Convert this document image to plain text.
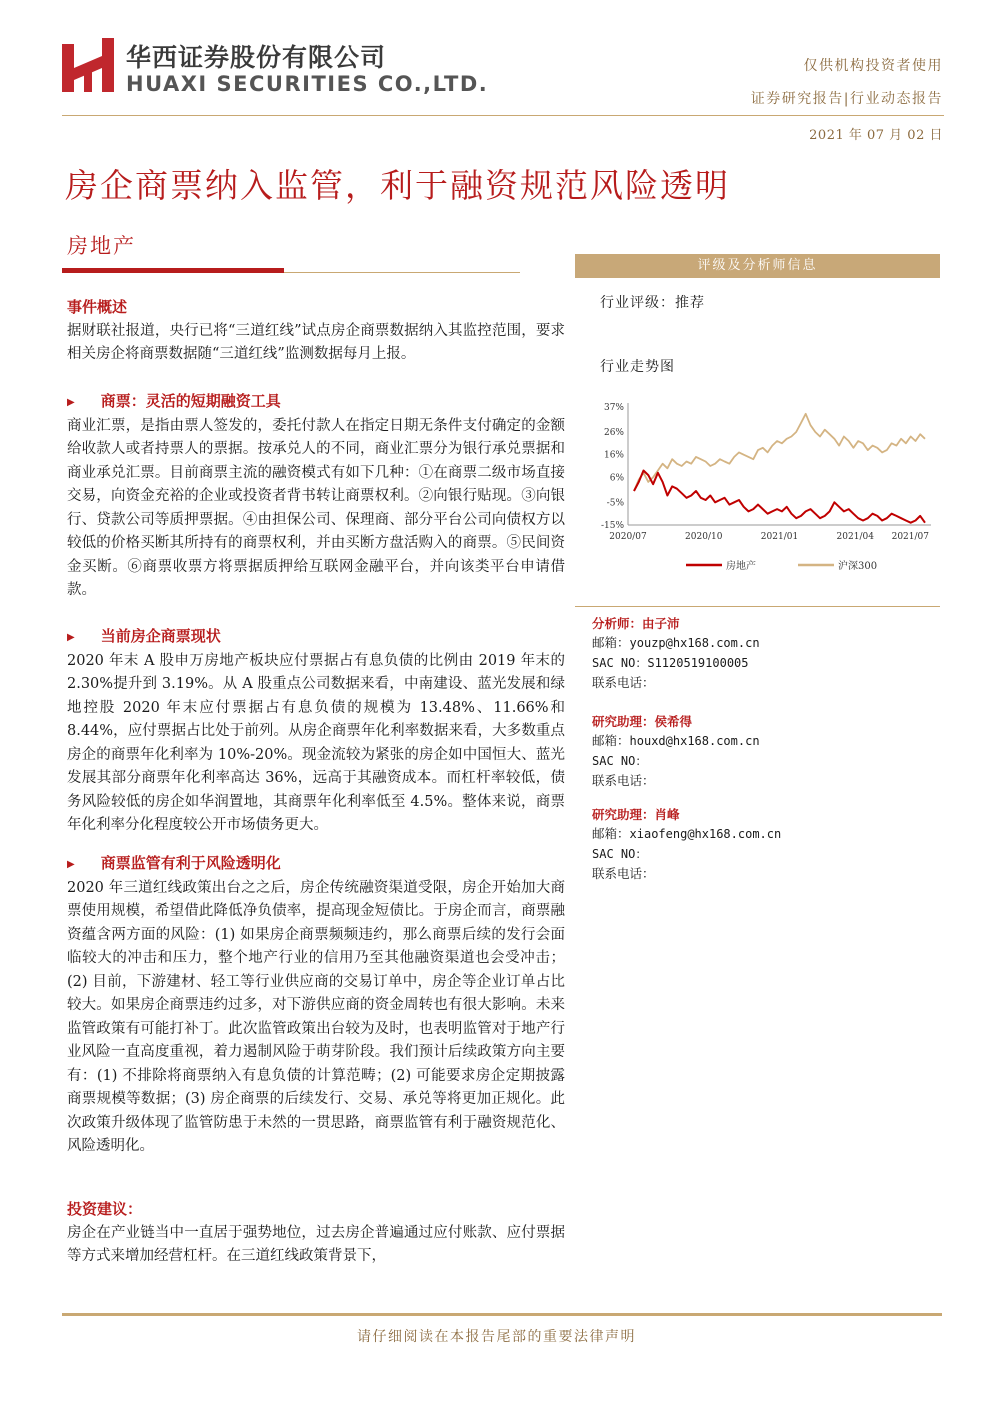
华西证券股份有限公司
HUAXI SECURITIES CO.,LTD.
仅供机构投资者使用
证券研究报告|行业动态报告
2021 年 07 月 02 日
房企商票纳入监管，利于融资规范风险透明
房地产
事件概述
据财联社报道，央行已将“三道红线”试点房企商票数据纳入其监控范围，要求相关房企将商票数据随“三道红线”监测数据每月上报。
▶ 商票：灵活的短期融资工具
商业汇票，是指由票人签发的，委托付款人在指定日期无条件支付确定的金额给收款人或者持票人的票据。按承兑人的不同，商业汇票分为银行承兑票据和商业承兑汇票。目前商票主流的融资模式有如下几种：①在商票二级市场直接交易，向资金充裕的企业或投资者背书转让商票权利。②向银行贴现。③向银行、贷款公司等质押票据。④由担保公司、保理商、部分平台公司向债权方以较低的价格买断其所持有的商票权利，并由买断方盘活购入的商票。⑤民间资金买断。⑥商票收票方将票据质押给互联网金融平台，并向该类平台申请借款。
▶ 当前房企商票现状
2020 年末 A 股申万房地产板块应付票据占有息负债的比例由 2019 年末的 2.30%提升到 3.19%。从 A 股重点公司数据来看，中南建设、蓝光发展和绿地控股 2020 年末应付票据占有息负债的规模为 13.48%、11.66%和 8.44%，应付票据占比处于前列。从房企商票年化利率数据来看，大多数重点房企的商票年化利率为 10%-20%。现金流较为紧张的房企如中国恒大、蓝光发展其部分商票年化利率高达 36%，远高于其融资成本。而杠杆率较低，债务风险较低的房企如华润置地，其商票年化利率低至 4.5%。整体来说，商票年化利率分化程度较公开市场债务更大。
▶ 商票监管有利于风险透明化
2020 年三道红线政策出台之之后，房企传统融资渠道受限，房企开始加大商票使用规模，希望借此降低净负债率，提高现金短债比。于房企而言，商票融资蕴含两方面的风险：(1) 如果房企商票频频违约，那么商票后续的发行会面临较大的冲击和压力，整个地产行业的信用乃至其他融资渠道也会受冲击；(2) 目前，下游建材、轻工等行业供应商的交易订单中，房企等企业订单占比较大。如果房企商票违约过多，对下游供应商的资金周转也有很大影响。未来监管政策有可能打补丁。此次监管政策出台较为及时，也表明监管对于地产行业风险一直高度重视，着力遏制风险于萌芽阶段。我们预计后续政策方向主要有：(1) 不排除将商票纳入有息负债的计算范畴；(2) 可能要求房企定期披露商票规模等数据；(3) 房企商票的后续发行、交易、承兑等将更加正规化。此次政策升级体现了监管防患于未然的一贯思路，商票监管有利于融资规范化、风险透明化。
投资建议：
房企在产业链当中一直居于强势地位，过去房企普遍通过应付账款、应付票据等方式来增加经营杠杆。在三道红线政策背景下，
评级及分析师信息
行业评级：推荐
行业走势图
37%
26%
16%
6%
-5%
-15%
2020/07	2020/10	2021/01	2021/04 2021/07
房地产	沪深300
分析师：由子沛
邮箱：youzp@hx168.com.cn
SAC NO：S1120519100005
联系电话：
研究助理：侯希得
邮箱：houxd@hx168.com.cn
SAC NO：
联系电话：
研究助理：肖峰
邮箱：xiaofeng@hx168.com.cn
SAC NO：
联系电话：
请仔细阅读在本报告尾部的重要法律声明
